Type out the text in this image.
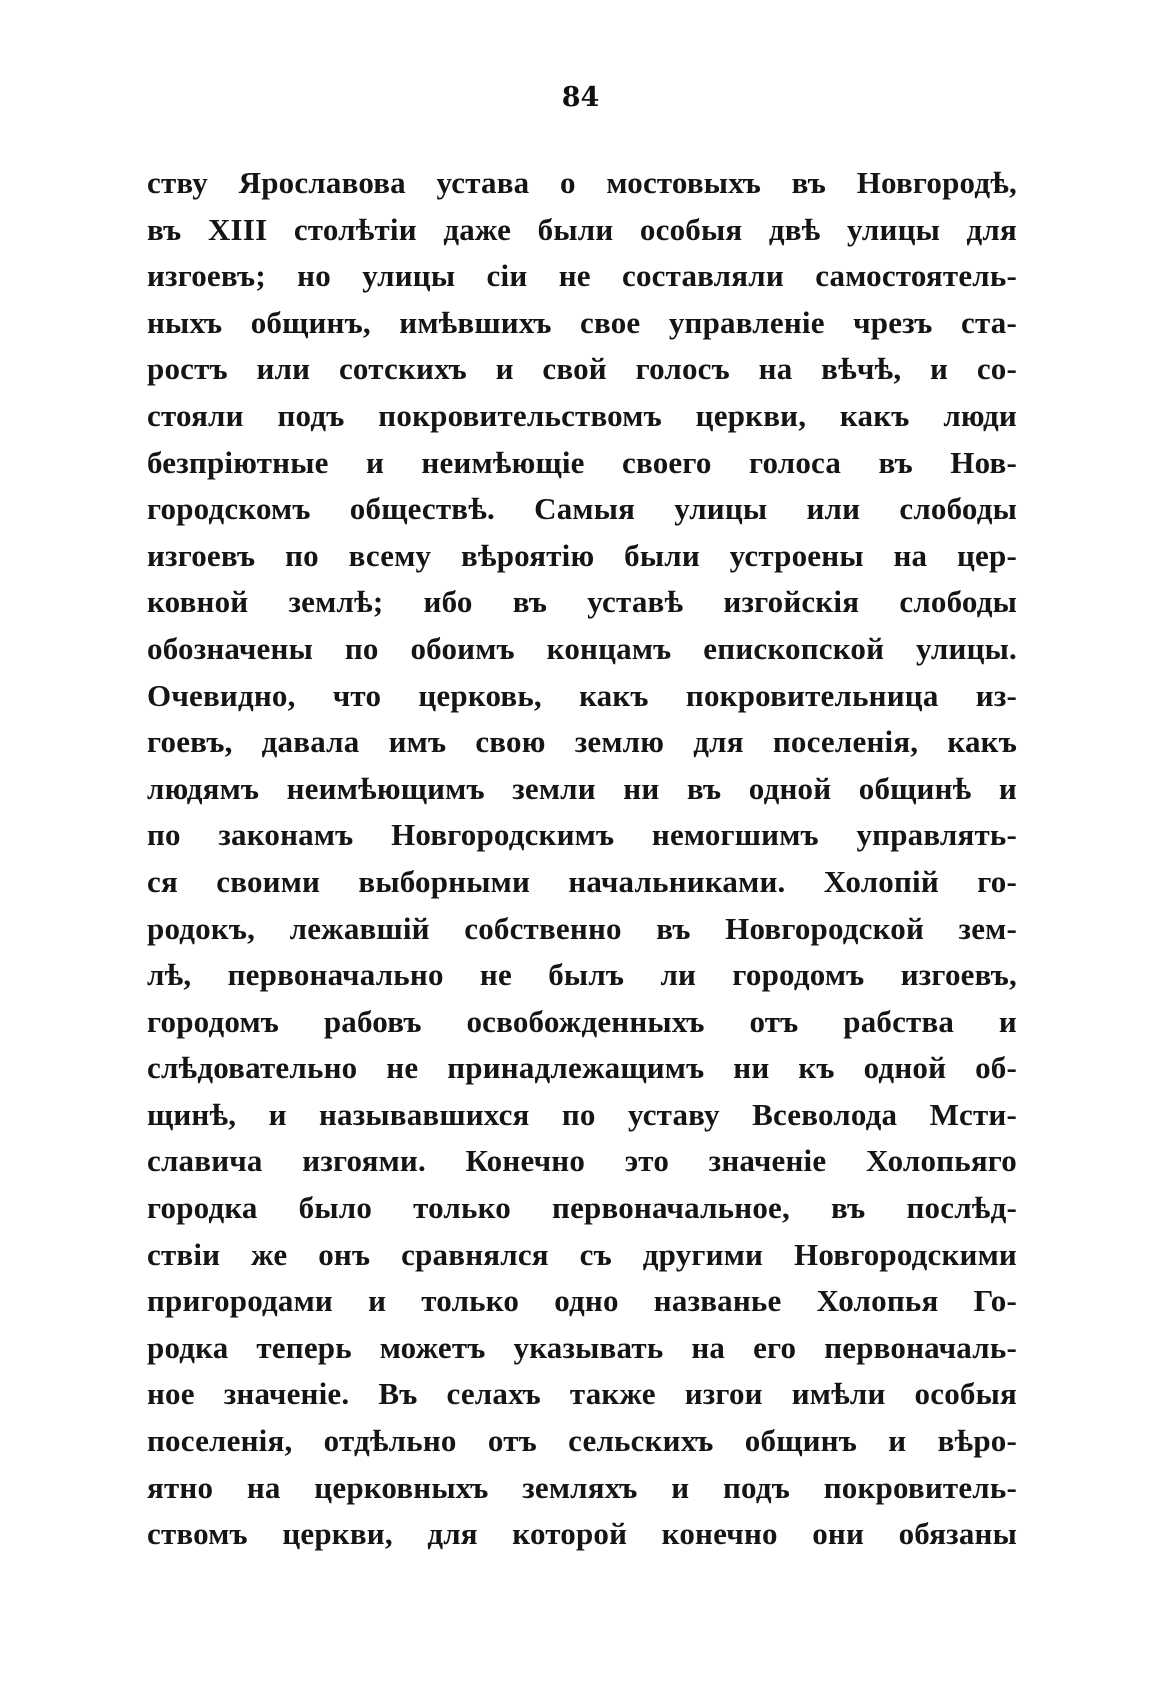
84
ству Ярославова устава о мостовыхъ въ Новгородѣ,
въ XIII столѣтіи даже были особыя двѣ улицы для
изгоевъ; но улицы сіи не составляли самостоятель-
ныхъ общинъ, имѣвшихъ свое управленіе чрезъ ста-
ростъ или сотскихъ и свой голосъ на вѣчѣ, и со-
стояли подъ покровительствомъ церкви, какъ люди
безпріютные и неимѣющіе своего голоса въ Нов-
городскомъ обществѣ. Самыя улицы или слободы
изгоевъ по всему вѣроятію были устроены на цер-
ковной землѣ; ибо въ уставѣ изгойскія слободы
обозначены по обоимъ концамъ епископской улицы.
Очевидно, что церковь, какъ покровительница из-
гоевъ, давала имъ свою землю для поселенія, какъ
людямъ неимѣющимъ земли ни въ одной общинѣ и
по законамъ Новгородскимъ немогшимъ управлять-
ся своими выборными начальниками. Холопій го-
родокъ, лежавшій собственно въ Новгородской зем-
лѣ, первоначально не былъ ли городомъ изгоевъ,
городомъ рабовъ освобожденныхъ отъ рабства и
слѣдовательно не принадлежащимъ ни къ одной об-
щинѣ, и называвшихся по уставу Всеволода Мсти-
славича изгоями. Конечно это значеніе Холопьяго
городка было только первоначальное, въ послѣд-
ствіи же онъ сравнялся съ другими Новгородскими
пригородами и только одно названье Холопья Го-
родка теперь можетъ указывать на его первоначаль-
ное значеніе. Въ селахъ также изгои имѣли особыя
поселенія, отдѣльно отъ сельскихъ общинъ и вѣро-
ятно на церковныхъ земляхъ и подъ покровитель-
ствомъ церкви, для которой конечно они обязаны
